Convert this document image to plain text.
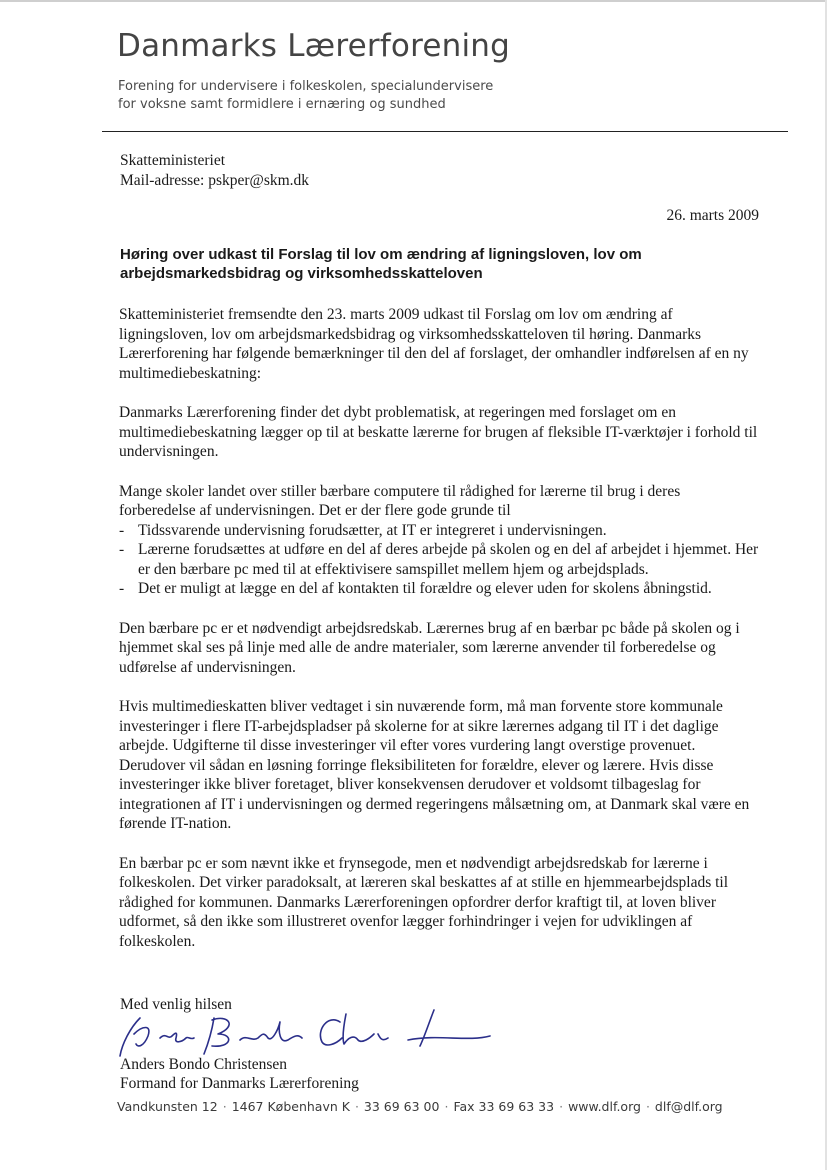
Danmarks Lærerforening
Forening for undervisere i folkeskolen, specialundervisere
for voksne samt formidlere i ernæring og sundhed
Skatteministeriet
Mail-adresse: pskper@skm.dk
26. marts 2009
Høring over udkast til Forslag til lov om ændring af ligningsloven, lov om arbejdsmarkedsbidrag og virksomhedsskatteloven

Skatteministeriet fremsendte den 23. marts 2009 udkast til Forslag om lov om ændring af ligningsloven, lov om arbejdsmarkedsbidrag og virksomhedsskatteloven til høring. Danmarks Lærerforening har følgende bemærkninger til den del af forslaget, der omhandler indførelsen af en ny multimediebeskatning:

Danmarks Lærerforening finder det dybt problematisk, at regeringen med forslaget om en multimediebeskatning lægger op til at beskatte lærerne for brugen af fleksible IT-værktøjer i forhold til undervisningen.

Mange skoler landet over stiller bærbare computere til rådighed for lærerne til brug i deres forberedelse af undervisningen. Det er der flere gode grunde til

- Tidssvarende undervisning forudsætter, at IT er integreret i undervisningen.
- Lærerne forudsættes at udføre en del af deres arbejde på skolen og en del af arbejdet i hjemmet. Her er den bærbare pc med til at effektivisere samspillet mellem hjem og arbejdsplads.
- Det er muligt at lægge en del af kontakten til forældre og elever uden for skolens åbningstid.

Den bærbare pc er et nødvendigt arbejdsredskab. Lærernes brug af en bærbar pc både på skolen og i hjemmet skal ses på linje med alle de andre materialer, som lærerne anvender til forberedelse og udførelse af undervisningen.

Hvis multimedieskatten bliver vedtaget i sin nuværende form, må man forvente store kommunale investeringer i flere IT-arbejdspladser på skolerne for at sikre lærernes adgang til IT i det daglige arbejde. Udgifterne til disse investeringer vil efter vores vurdering langt overstige provenuet. Derudover vil sådan en løsning forringe fleksibiliteten for forældre, elever og lærere. Hvis disse investeringer ikke bliver foretaget, bliver konsekvensen derudover et voldsomt tilbageslag for integrationen af IT i undervisningen og dermed regeringens målsætning om, at Danmark skal være en førende IT-nation.

En bærbar pc er som nævnt ikke et frynsegode, men et nødvendigt arbejdsredskab for lærerne i folkeskolen. Det virker paradoksalt, at læreren skal beskattes af at stille en hjemmearbejdsplads til rådighed for kommunen. Danmarks Lærerforeningen opfordrer derfor kraftigt til, at loven bliver udformet, så den ikke som illustreret ovenfor lægger forhindringer i vejen for udviklingen af folkeskolen.

Med venlig hilsen
Anders Bondo Christensen
Formand for Danmarks Lærerforening
Vandkunsten 12 · 1467 København K · 33 69 63 00 · Fax 33 69 63 33 · www.dlf.org · dlf@dlf.org
